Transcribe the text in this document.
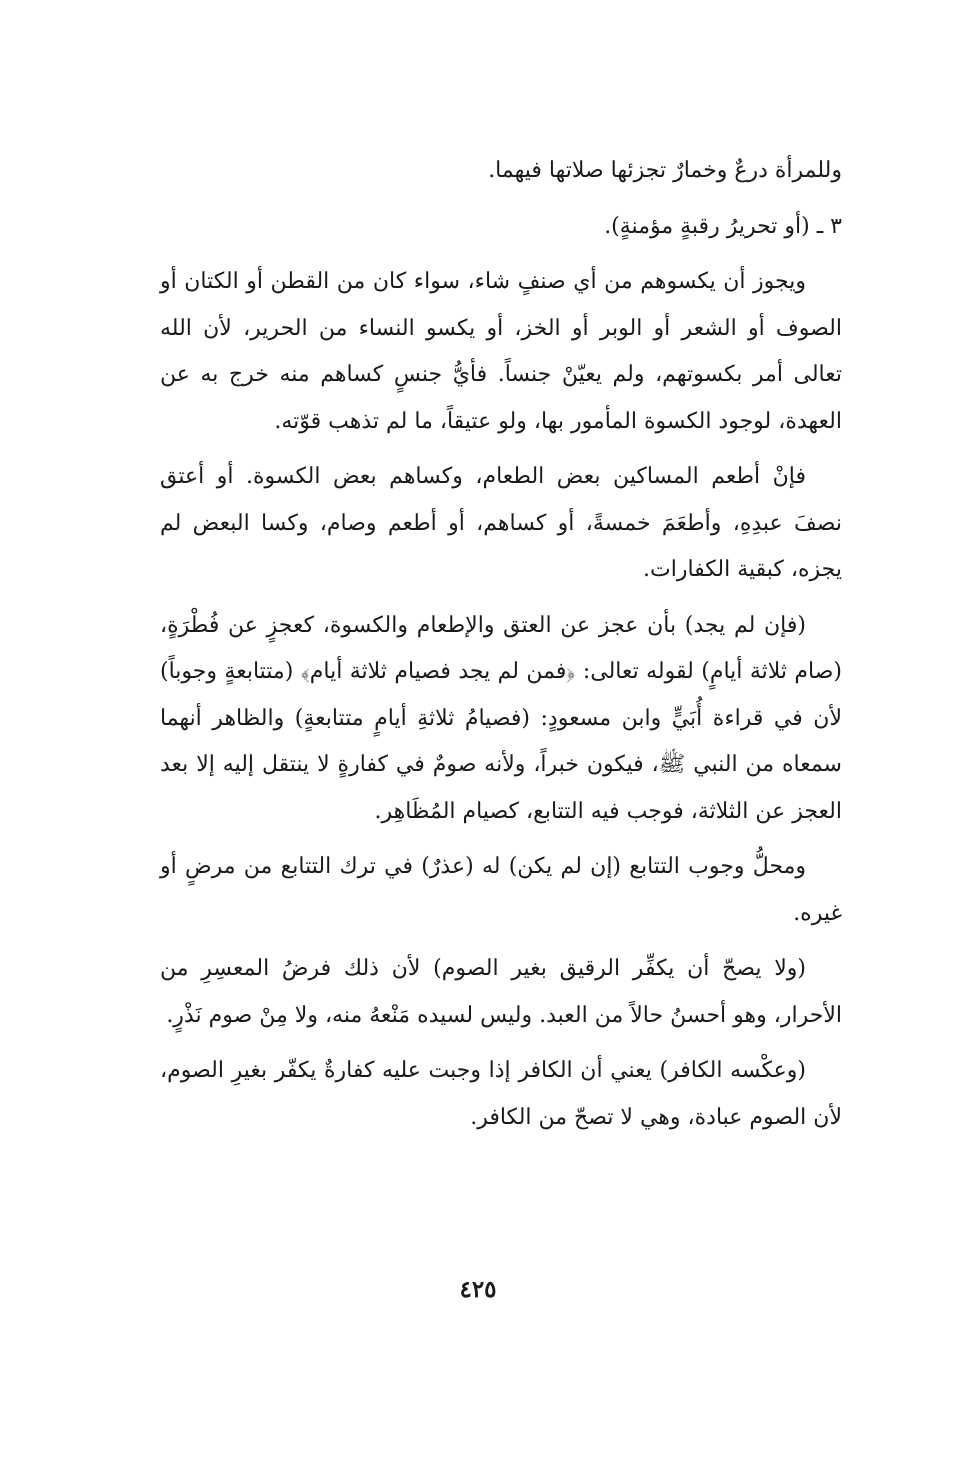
وللمرأة درعٌ وخمارٌ تجزئها صلاتها فيهما.

٣ ـ (أو تحريرُ رقبةٍ مؤمنةٍ).

ويجوز أن يكسوهم من أي صنفٍ شاء، سواء كان من القطن أو الكتان أو الصوف أو الشعر أو الوبر أو الخز، أو يكسو النساء من الحرير، لأن الله تعالى أمر بكسوتهم، ولم يعيّنْ جنساً. فأيُّ جنسٍ كساهم منه خرج به عن العهدة، لوجود الكسوة المأمور بها، ولو عتيقاً، ما لم تذهب قوّته.

فإنْ أطعم المساكين بعض الطعام، وكساهم بعض الكسوة. أو أعتق نصفَ عبدِهِ، وأطعَمَ خمسةً، أو كساهم، أو أطعم وصام، وكسا البعض لم يجزه، كبقية الكفارات.

(فإن لم يجد) بأن عجز عن العتق والإطعام والكسوة، كعجزٍ عن فُطْرَةٍ، (صام ثلاثة أيامٍ) لقوله تعالى: ﴿فمن لم يجد فصيام ثلاثة أيام﴾ (متتابعةٍ وجوباً) لأن في قراءة أُبَيٍّ وابن مسعودٍ: (فصيامُ ثلاثةِ أيامٍ متتابعةٍ) والظاهر أنهما سمعاه من النبي ﷺ، فيكون خبراً، ولأنه صومٌ في كفارةٍ لا ينتقل إليه إلا بعد العجز عن الثلاثة، فوجب فيه التتابع، كصيام المُظَاهِر.

ومحلُّ وجوب التتابع (إن لم يكن) له (عذرٌ) في ترك التتابع من مرضٍ أو غيره.

(ولا يصحّ أن يكفِّر الرقيق بغير الصوم) لأن ذلك فرضُ المعسِرِ من الأحرار، وهو أحسنُ حالاً من العبد. وليس لسيده مَنْعهُ منه، ولا مِنْ صوم نَذْرٍ.

(وعكْسه الكافر) يعني أن الكافر إذا وجبت عليه كفارةٌ يكفّر بغيرِ الصوم، لأن الصوم عبادة، وهي لا تصحّ من الكافر.

٤٢٥
